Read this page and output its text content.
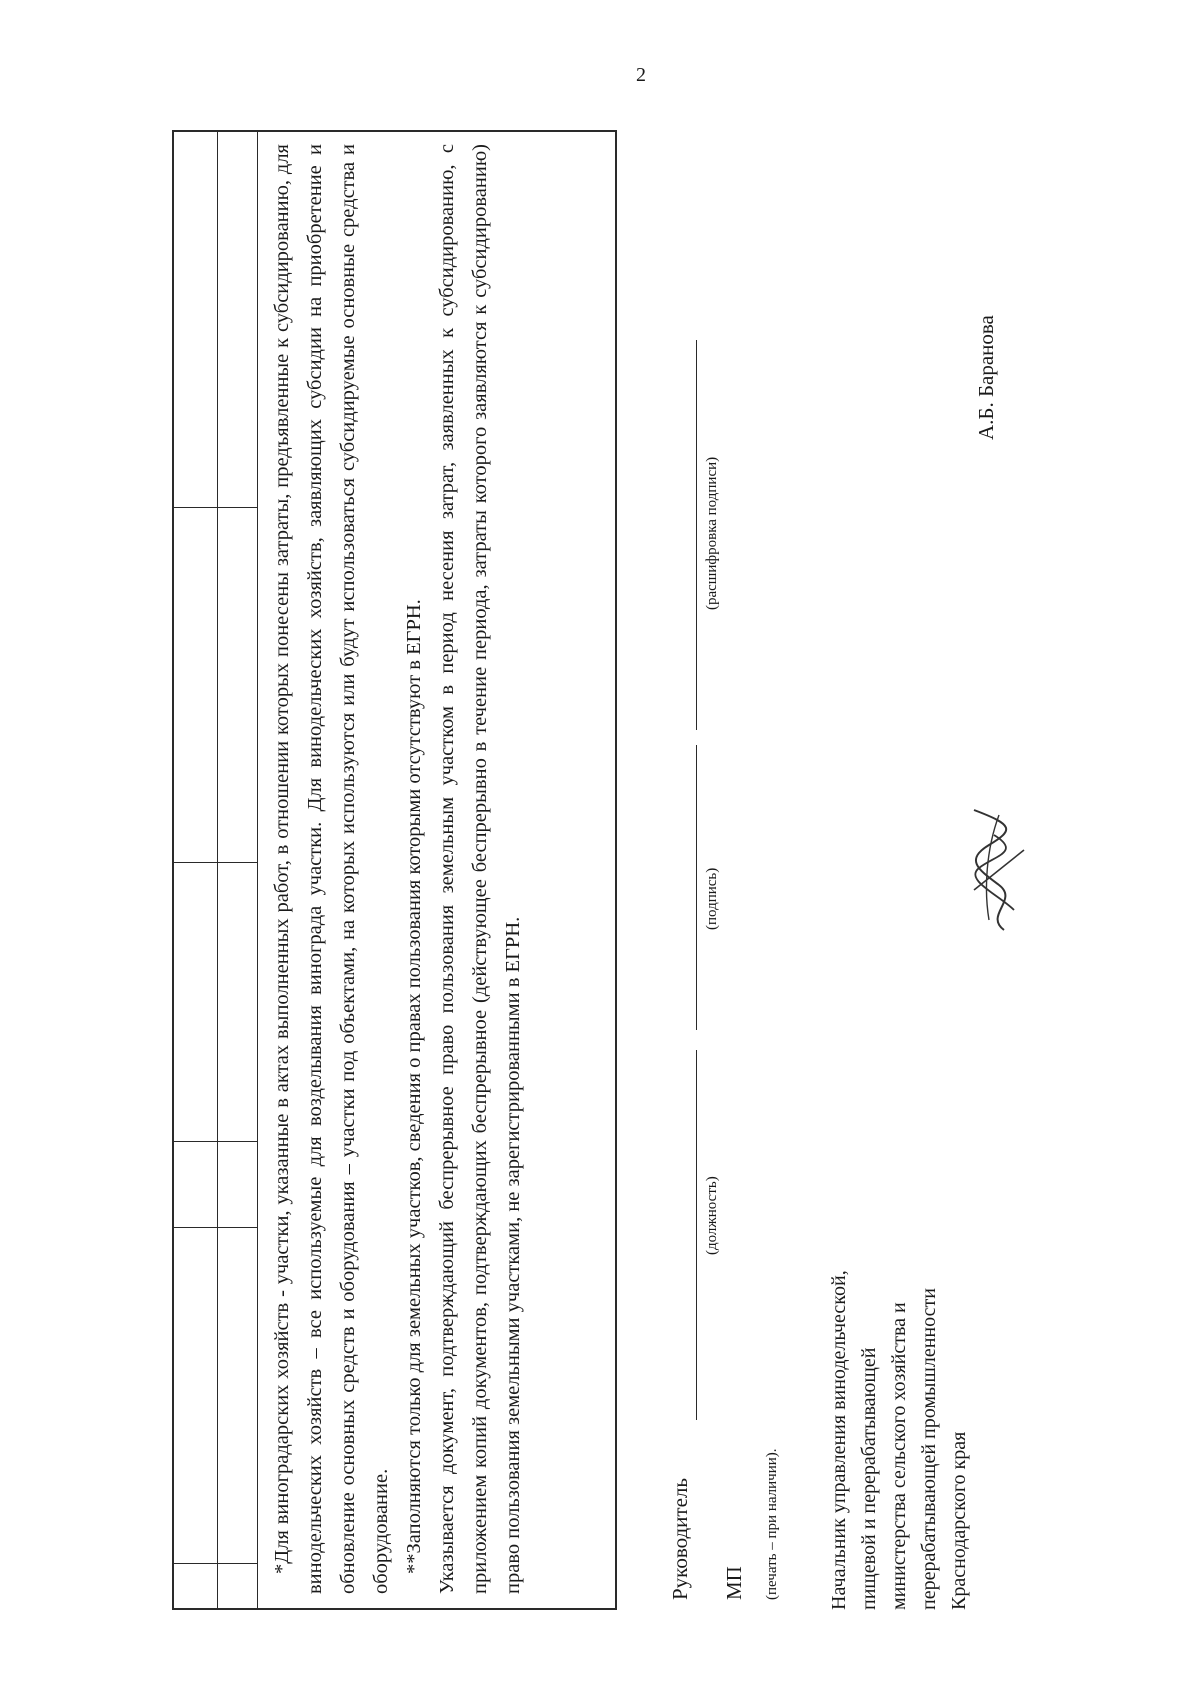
2

*Для виноградарских хозяйств - участки, указанные в актах выполненных работ, в отношении которых понесены затраты, предъявленные к субсидированию, для винодельческих хозяйств – все используемые для возделывания винограда участки. Для винодельческих хозяйств, заявляющих субсидии на приобретение и обновление основных средств и оборудования – участки под объектами, на которых используются или будут использоваться субсидируемые основные средства и оборудование. **Заполняются только для земельных участков, сведения о правах пользования которыми отсутствуют в ЕГРН. Указывается документ, подтверждающий беспрерывное право пользования земельным участком в период несения затрат, заявленных к субсидированию, с приложением копий документов, подтверждающих беспрерывное (действующее беспрерывно в течение периода, затраты которого заявляются к субсидированию) право пользования земельными участками, не зарегистрированными в ЕГРН.	Руководитель МП
(должность)
(подпись)
(расшифровка подписи)
(печать – при наличии). Начальник управления винодельческой, пищевой и перерабатывающей министерства сельского хозяйства и перерабатывающей промышленности Краснодарского края
А.Б. Баранова
